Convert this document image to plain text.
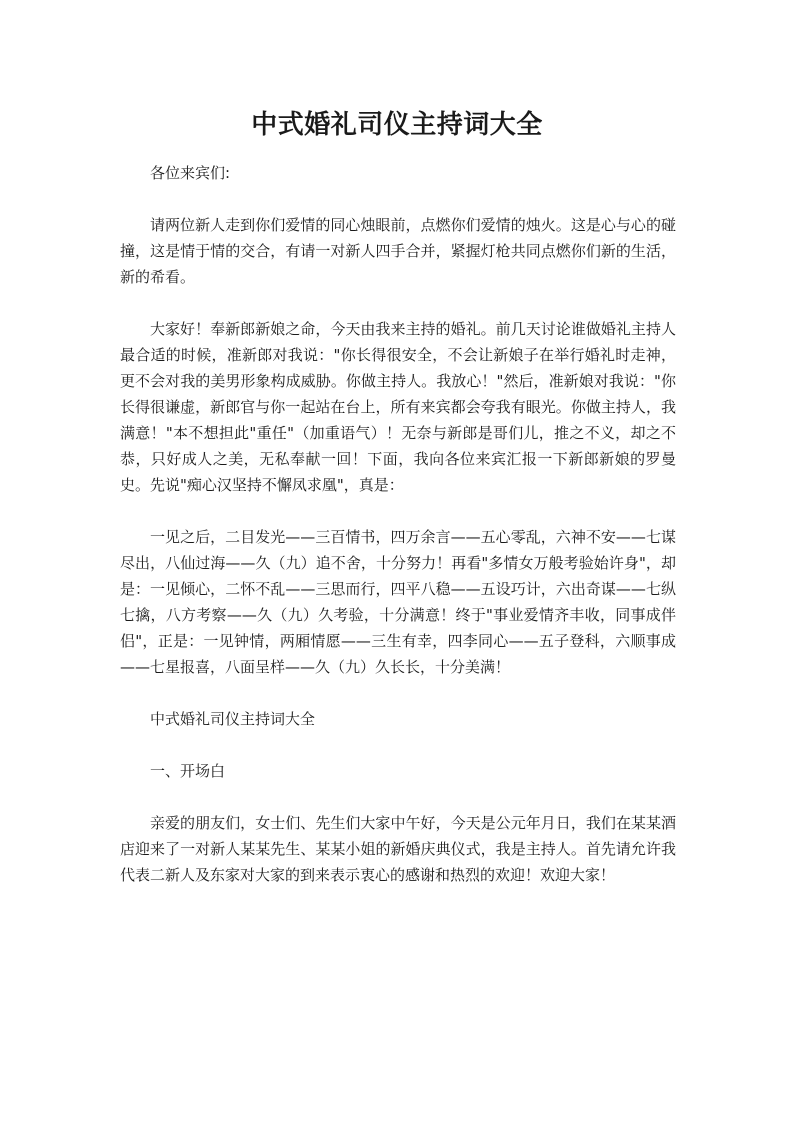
中式婚礼司仪主持词大全

各位来宾们:

请两位新人走到你们爱情的同心烛眼前，点燃你们爱情的烛火。这是心与心的碰撞，这是情于情的交合，有请一对新人四手合并，紧握灯枪共同点燃你们新的生活，新的希看。

大家好！奉新郎新娘之命，今天由我来主持的婚礼。前几天讨论谁做婚礼主持人最合适的时候，准新郎对我说："你长得很安全，不会让新娘子在举行婚礼时走神，更不会对我的美男形象构成威胁。你做主持人。我放心！"然后，准新娘对我说："你长得很谦虚，新郎官与你一起站在台上，所有来宾都会夸我有眼光。你做主持人，我满意！"本不想担此"重任"（加重语气）！无奈与新郎是哥们儿，推之不义，却之不恭，只好成人之美，无私奉献一回！下面，我向各位来宾汇报一下新郎新娘的罗曼史。先说"痴心汉坚持不懈凤求凰"，真是：

一见之后，二目发光——三百情书，四万余言——五心零乱，六神不安——七谋尽出，八仙过海——久（九）追不舍，十分努力！再看"多情女万般考验始许身"，却是：一见倾心，二怀不乱——三思而行，四平八稳——五设巧计，六出奇谋——七纵七擒，八方考察——久（九）久考验，十分满意！终于"事业爱情齐丰收，同事成伴侣"，正是：一见钟情，两厢情愿——三生有幸，四李同心——五子登科，六顺事成——七星报喜，八面呈样——久（九）久长长，十分美满！

中式婚礼司仪主持词大全

一、开场白

亲爱的朋友们，女士们、先生们大家中午好，今天是公元年月日，我们在某某酒店迎来了一对新人某某先生、某某小姐的新婚庆典仪式，我是主持人。首先请允许我代表二新人及东家对大家的到来表示衷心的感谢和热烈的欢迎！欢迎大家！
